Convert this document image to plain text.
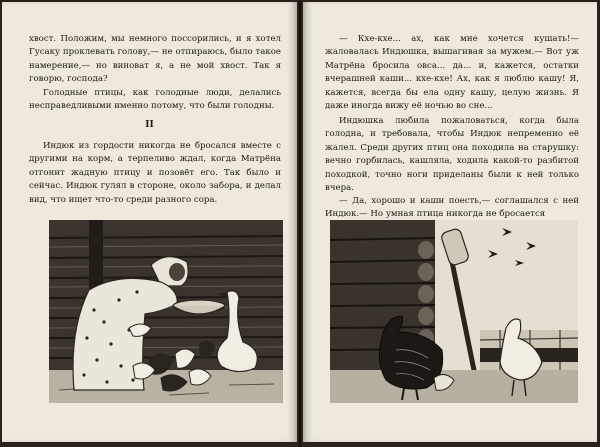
хвост. Положим, мы немного поссорились, и я хотел Гусаку проклевать голову,— не отпираюсь, было такое намерение,— но виноват я, а не мой хвост. Так я говорю, господа?

Голодные птицы, как голодные люди, делались несправедливыми именно потому, что были голодны.

II

Индюк из гордости никогда не бросался вместе с другими на корм, а терпеливо ждал, когда Матрёна отгонит жадную птицу и позовёт его. Так было и сейчас. Индюк гулял в стороне, около забора, и делал вид, что ищет что-то среди разного сора.

— Кхе-кхе... ах, как мне хочется кушать!— жаловалась Индюшка, вышагивая за мужем.— Вот уж Матрёна бросила овса... да... и, кажется, остатки вчерашней каши... кхе-кхе! Ах, как я люблю кашу! Я, кажется, всегда бы ела одну кашу, целую жизнь. Я даже иногда вижу её ночью во сне...

Индюшка любила пожаловаться, когда была голодна, и требовала, чтобы Индюк непременно её жалел. Среди других птиц она походила на старушку: вечно горбилась, кашляла, ходила какой-то разбитой походкой, точно ноги приделаны были к ней только вчера.

— Да, хорошо и каши поесть,— соглашался с ней Индюк.— Но умная птица никогда не бросается
